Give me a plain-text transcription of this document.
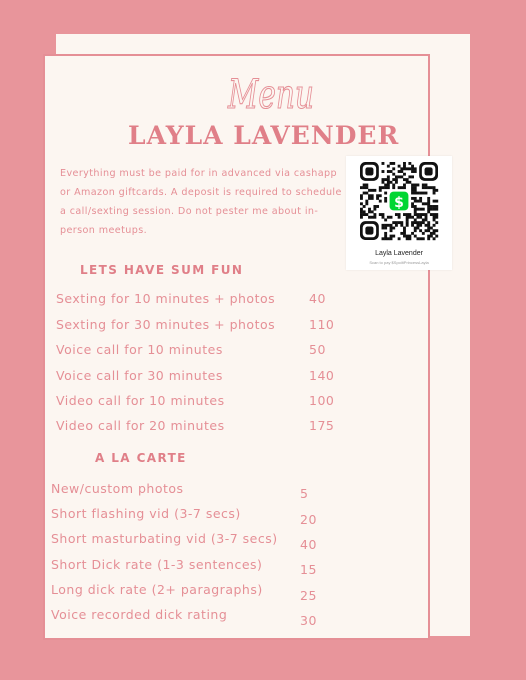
Menu
LAYLA LAVENDER
Everything must be paid for in advanced via cashapp or Amazon giftcards. A deposit is required to schedule a call/sexting session. Do not pester me about in-person meetups.
$
Layla Lavender
Scan to pay $SpoiltPrincessLayla
LETS HAVE SUM FUN
Sexting for 10 minutes + photos	40
Sexting for 30 minutes + photos	110
Voice call for 10 minutes	50
Voice call for 30 minutes	140
Video call for 10 minutes	100
Video call for 20 minutes	175
A LA CARTE
New/custom photos	5
Short flashing vid (3-7 secs)	20
Short masturbating vid (3-7 secs) 40
Short Dick rate (1-3 sentences)	15
Long dick rate (2+ paragraphs)	25
Voice recorded dick rating	30
